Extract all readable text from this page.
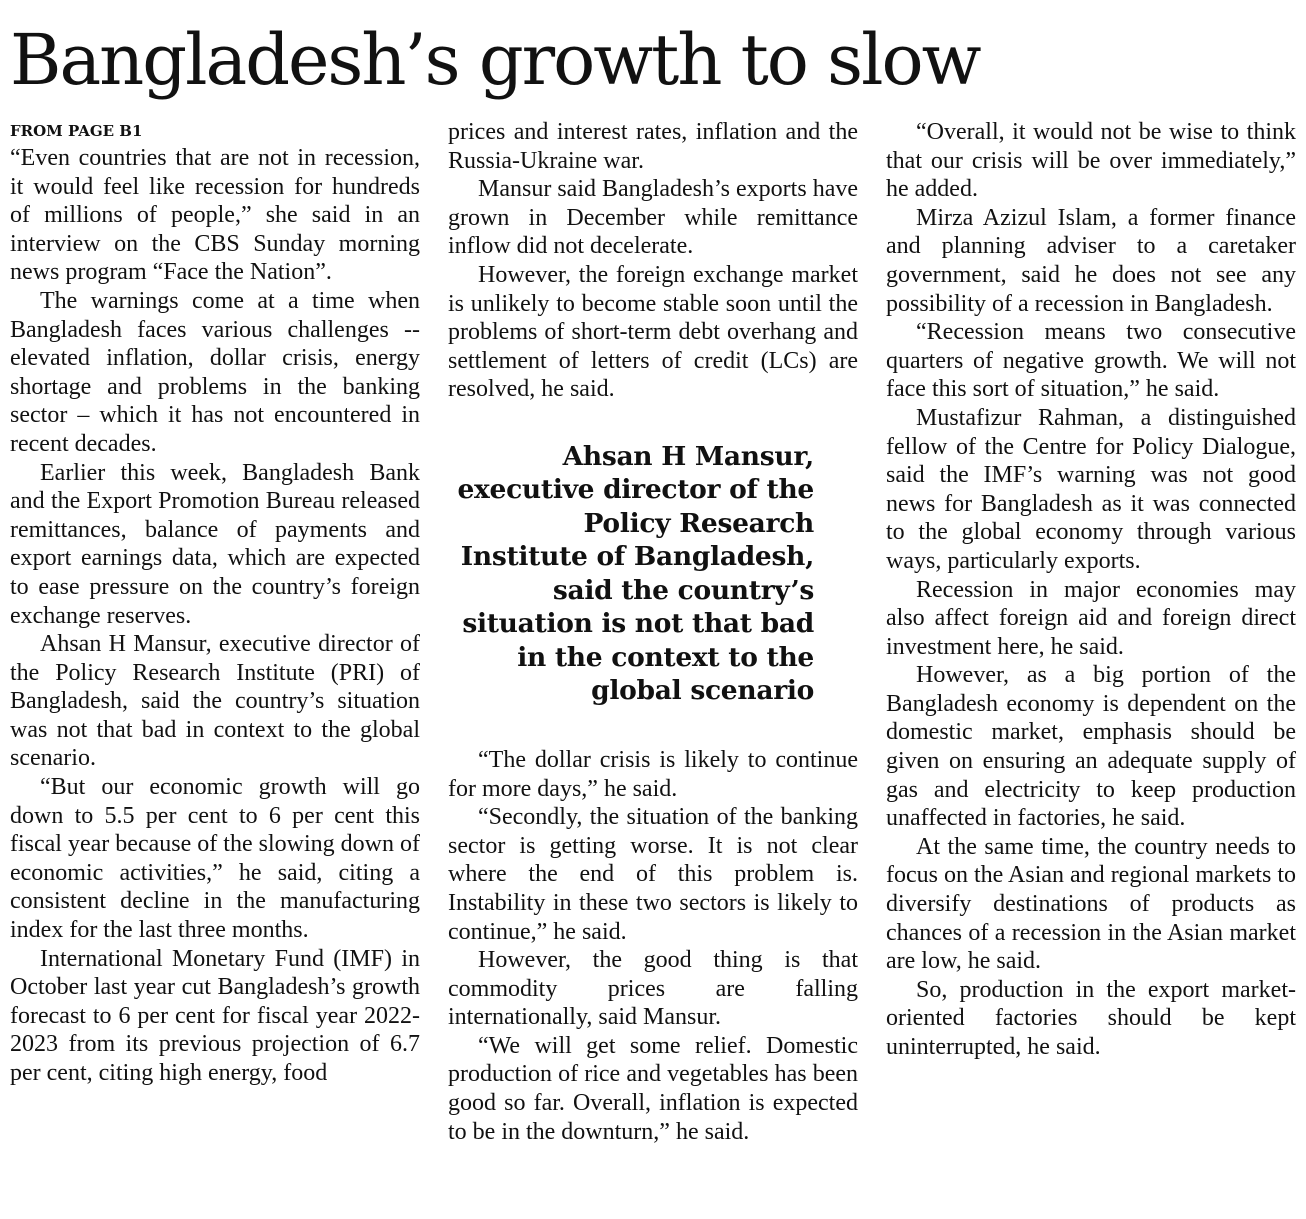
Bangladesh’s growth to slow
FROM PAGE B1

“Even countries that are not in recession, it would feel like recession for hundreds of millions of people,” she said in an interview on the CBS Sunday morning news program “Face the Nation”.

The warnings come at a time when Bangladesh faces various challenges -- elevated inflation, dollar crisis, energy shortage and problems in the banking sector – which it has not encountered in recent decades.

Earlier this week, Bangladesh Bank and the Export Promotion Bureau released remittances, balance of payments and export earnings data, which are expected to ease pressure on the country’s foreign exchange reserves.

Ahsan H Mansur, executive director of the Policy Research Institute (PRI) of Bangladesh, said the country’s situation was not that bad in context to the global scenario.

“But our economic growth will go down to 5.5 per cent to 6 per cent this fiscal year because of the slowing down of economic activities,” he said, citing a consistent decline in the manufacturing index for the last three months.

International Monetary Fund (IMF) in October last year cut Bangladesh’s growth forecast to 6 per cent for fiscal year 2022-2023 from its previous projection of 6.7 per cent, citing high energy, food

prices and interest rates, inflation and the Russia-Ukraine war.

Mansur said Bangladesh’s exports have grown in December while remittance inflow did not decelerate.

However, the foreign exchange market is unlikely to become stable soon until the problems of short-term debt overhang and settlement of letters of credit (LCs) are resolved, he said.

Ahsan H Mansur, executive director of the Policy Research Institute of Bangladesh, said the country’s situation is not that bad in the context to the global scenario

“The dollar crisis is likely to continue for more days,” he said.

“Secondly, the situation of the banking sector is getting worse. It is not clear where the end of this problem is. Instability in these two sectors is likely to continue,” he said.

However, the good thing is that commodity prices are falling internationally, said Mansur.

“We will get some relief. Domestic production of rice and vegetables has been good so far. Overall, inflation is expected to be in the downturn,” he said.

“Overall, it would not be wise to think that our crisis will be over immediately,” he added.

Mirza Azizul Islam, a former finance and planning adviser to a caretaker government, said he does not see any possibility of a recession in Bangladesh.

“Recession means two consecutive quarters of negative growth. We will not face this sort of situation,” he said.

Mustafizur Rahman, a distinguished fellow of the Centre for Policy Dialogue, said the IMF’s warning was not good news for Bangladesh as it was connected to the global economy through various ways, particularly exports.

Recession in major economies may also affect foreign aid and foreign direct investment here, he said.

However, as a big portion of the Bangladesh economy is dependent on the domestic market, emphasis should be given on ensuring an adequate supply of gas and electricity to keep production unaffected in factories, he said.

At the same time, the country needs to focus on the Asian and regional markets to diversify destinations of products as chances of a recession in the Asian market are low, he said.

So, production in the export market-oriented factories should be kept uninterrupted, he said.
